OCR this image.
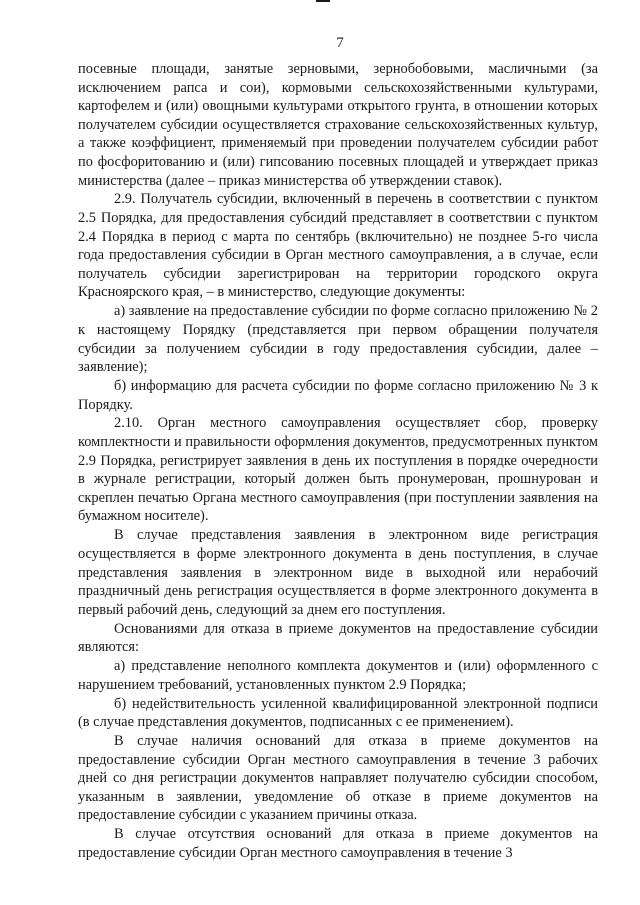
7

посевные площади, занятые зерновыми, зернобобовыми, масличными (за исключением рапса и сои), кормовыми сельскохозяйственными культурами, картофелем и (или) овощными культурами открытого грунта, в отношении которых получателем субсидии осуществляется страхование сельскохозяйственных культур, а также коэффициент, применяемый при проведении получателем субсидии работ по фосфоритованию и (или) гипсованию посевных площадей и утверждает приказ министерства (далее – приказ министерства об утверждении ставок).

2.9. Получатель субсидии, включенный в перечень в соответствии с пунктом 2.5 Порядка, для предоставления субсидий представляет в соответствии с пунктом 2.4 Порядка в период с марта по сентябрь (включительно) не позднее 5-го числа года предоставления субсидии в Орган местного самоуправления, а в случае, если получатель субсидии зарегистрирован на территории городского округа Красноярского края, – в министерство, следующие документы:

а) заявление на предоставление субсидии по форме согласно приложению № 2 к настоящему Порядку (представляется при первом обращении получателя субсидии за получением субсидии в году предоставления субсидии, далее – заявление);

б) информацию для расчета субсидии по форме согласно приложению № 3 к Порядку.

2.10. Орган местного самоуправления осуществляет сбор, проверку комплектности и правильности оформления документов, предусмотренных пунктом 2.9 Порядка, регистрирует заявления в день их поступления в порядке очередности в журнале регистрации, который должен быть пронумерован, прошнурован и скреплен печатью Органа местного самоуправления (при поступлении заявления на бумажном носителе).

В случае представления заявления в электронном виде регистрация осуществляется в форме электронного документа в день поступления, в случае представления заявления в электронном виде в выходной или нерабочий праздничный день регистрация осуществляется в форме электронного документа в первый рабочий день, следующий за днем его поступления.

Основаниями для отказа в приеме документов на предоставление субсидии являются:

а) представление неполного комплекта документов и (или) оформленного с нарушением требований, установленных пунктом 2.9 Порядка;

б) недействительность усиленной квалифицированной электронной подписи (в случае представления документов, подписанных с ее применением).

В случае наличия оснований для отказа в приеме документов на предоставление субсидии Орган местного самоуправления в течение 3 рабочих дней со дня регистрации документов направляет получателю субсидии способом, указанным в заявлении, уведомление об отказе в приеме документов на предоставление субсидии с указанием причины отказа.

В случае отсутствия оснований для отказа в приеме документов на предоставление субсидии Орган местного самоуправления в течение 3
